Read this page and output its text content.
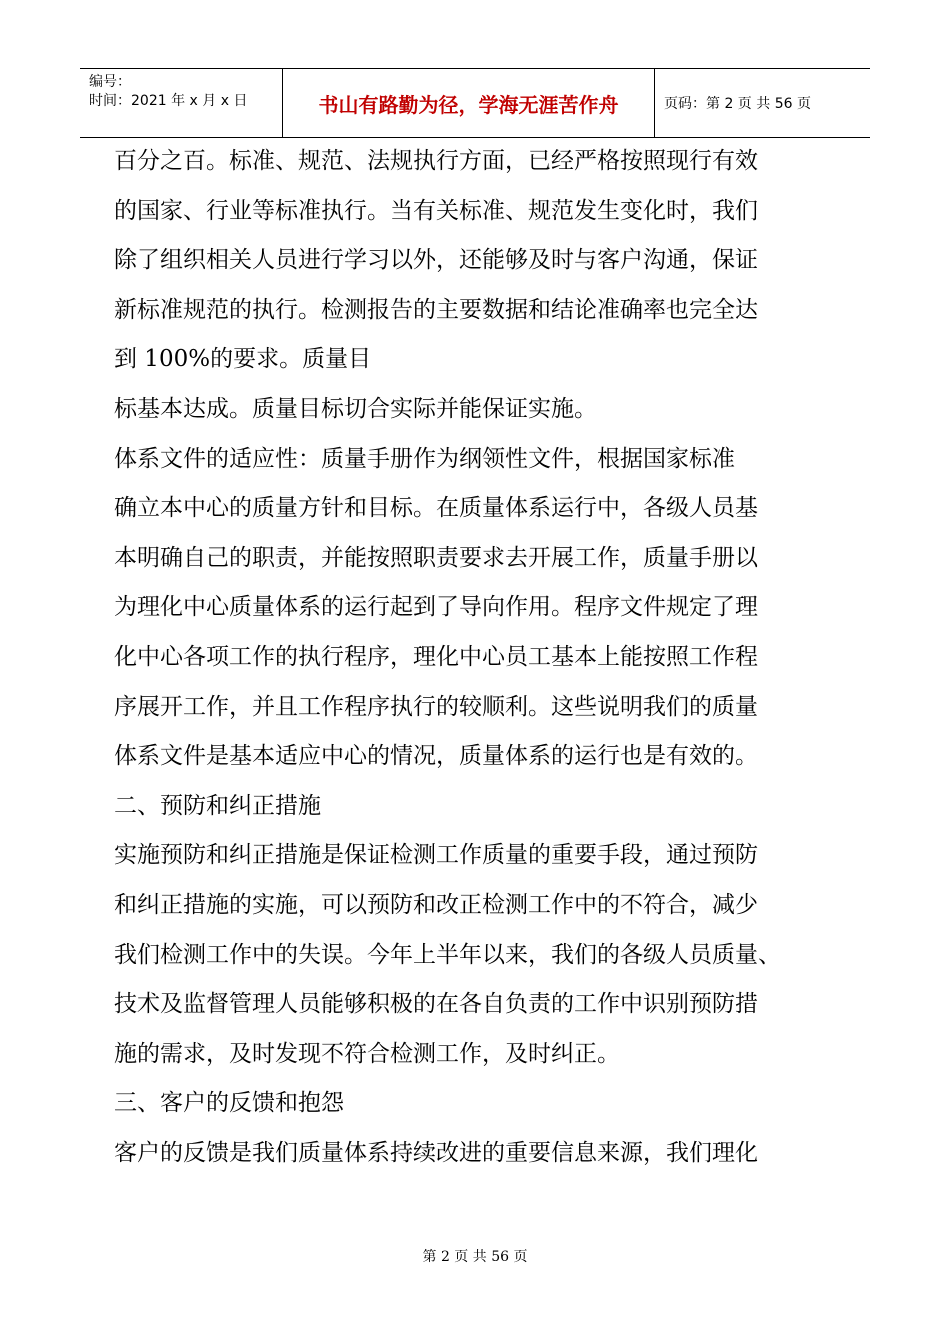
编号：
时间：2021 年 x 月 x 日	书山有路勤为径，学海无涯苦作舟	页码：第 2 页 共 56 页
百分之百。标准、规范、法规执行方面，已经严格按照现行有效
的国家、行业等标准执行。当有关标准、规范发生变化时，我们
除了组织相关人员进行学习以外，还能够及时与客户沟通，保证
新标准规范的执行。检测报告的主要数据和结论准确率也完全达
到 100%的要求。质量目
标基本达成。质量目标切合实际并能保证实施。
体系文件的适应性：质量手册作为纲领性文件，根据国家标准
确立本中心的质量方针和目标。在质量体系运行中，各级人员基
本明确自己的职责，并能按照职责要求去开展工作，质量手册以
为理化中心质量体系的运行起到了导向作用。程序文件规定了理
化中心各项工作的执行程序，理化中心员工基本上能按照工作程
序展开工作，并且工作程序执行的较顺利。这些说明我们的质量
体系文件是基本适应中心的情况，质量体系的运行也是有效的。
二、预防和纠正措施
实施预防和纠正措施是保证检测工作质量的重要手段，通过预防
和纠正措施的实施，可以预防和改正检测工作中的不符合，减少
我们检测工作中的失误。今年上半年以来，我们的各级人员质量、
技术及监督管理人员能够积极的在各自负责的工作中识别预防措
施的需求，及时发现不符合检测工作，及时纠正。
三、客户的反馈和抱怨
客户的反馈是我们质量体系持续改进的重要信息来源，我们理化
第 2 页 共 56 页
